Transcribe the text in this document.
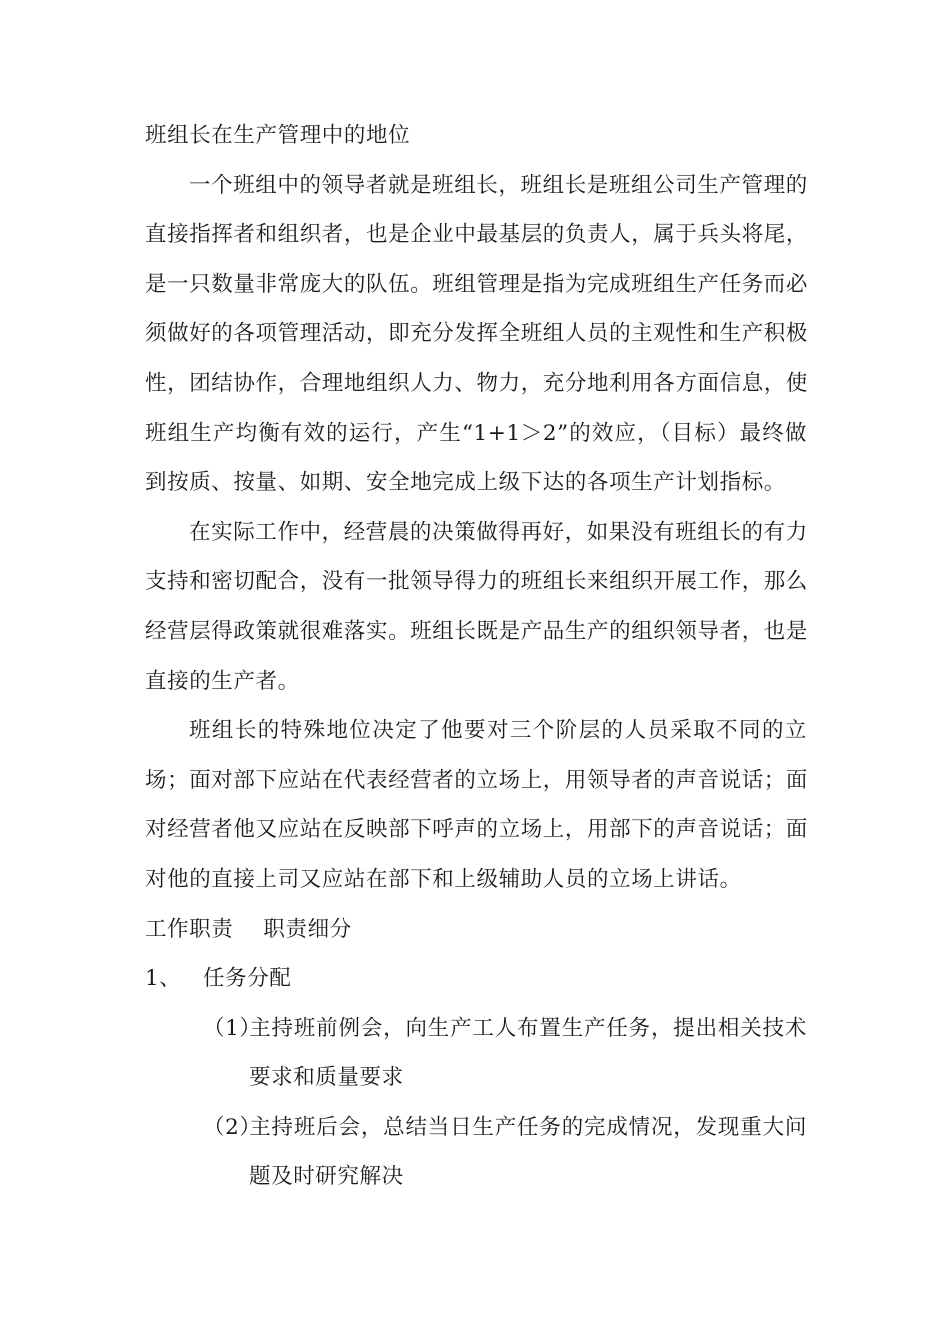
班组长在生产管理中的地位
一个班组中的领导者就是班组长，班组长是班组公司生产管理的
直接指挥者和组织者，也是企业中最基层的负责人，属于兵头将尾，
是一只数量非常庞大的队伍。班组管理是指为完成班组生产任务而必
须做好的各项管理活动，即充分发挥全班组人员的主观性和生产积极
性，团结协作，合理地组织人力、物力，充分地利用各方面信息，使
班组生产均衡有效的运行，产生“1+1＞2”的效应，（目标）最终做
到按质、按量、如期、安全地完成上级下达的各项生产计划指标。
在实际工作中，经营晨的决策做得再好，如果没有班组长的有力
支持和密切配合，没有一批领导得力的班组长来组织开展工作，那么
经营层得政策就很难落实。班组长既是产品生产的组织领导者，也是
直接的生产者。
班组长的特殊地位决定了他要对三个阶层的人员采取不同的立
场；面对部下应站在代表经营者的立场上，用领导者的声音说话；面
对经营者他又应站在反映部下呼声的立场上，用部下的声音说话；面
对他的直接上司又应站在部下和上级辅助人员的立场上讲话。
工作职责 职责细分
1、 任务分配
（1）主持班前例会，向生产工人布置生产任务，提出相关技术
要求和质量要求
（2）主持班后会，总结当日生产任务的完成情况，发现重大问
题及时研究解决
